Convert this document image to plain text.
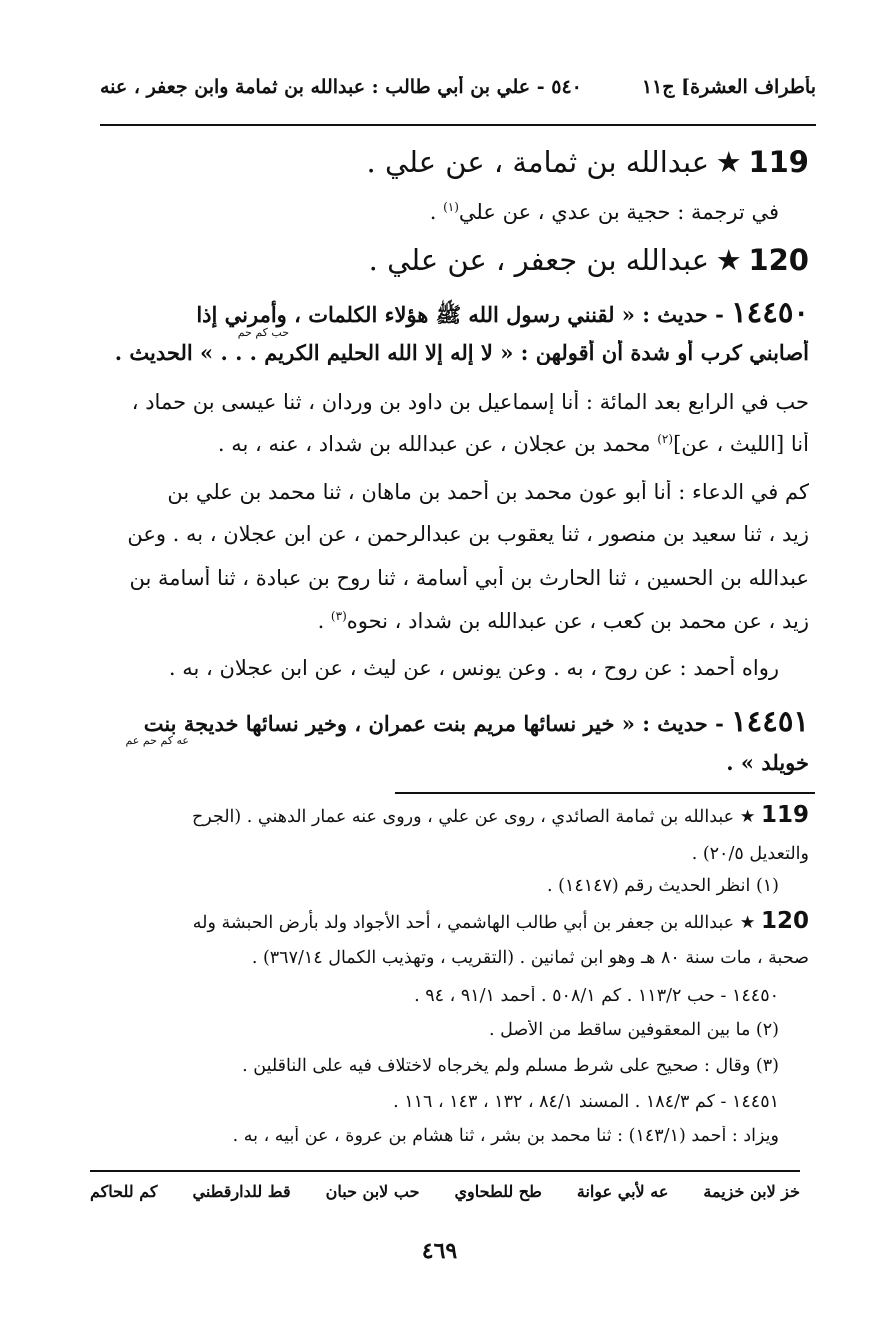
بأطراف العشرة] ج١١
٥٤٠ - علي بن أبي طالب : عبدالله بن ثمامة وابن جعفر ، عنه
119 ★ عبدالله بن ثمامة ، عن علي .
في ترجمة : حجية بن عدي ، عن علي$^{(١)}$ .
120 ★ عبدالله بن جعفر ، عن علي .
١٤٤٥٠ - حديث : « لقنني رسول الله ﷺ هؤلاء الكلمات ، وأمرني إذا
حب كم حم
أصابني كرب أو شدة أن أقولهن : « لا إله إلا الله الحليم الكريم . . . » الحديث .
حب في الرابع بعد المائة : أنا إسماعيل بن داود بن وردان ، ثنا عيسى بن حماد ،
أنا [الليث ، عن]$^{(٢)}$ محمد بن عجلان ، عن عبدالله بن شداد ، عنه ، به .
كم في الدعاء : أنا أبو عون محمد بن أحمد بن ماهان ، ثنا محمد بن علي بن
زيد ، ثنا سعيد بن منصور ، ثنا يعقوب بن عبدالرحمن ، عن ابن عجلان ، به . وعن
عبدالله بن الحسين ، ثنا الحارث بن أبي أسامة ، ثنا روح بن عبادة ، ثنا أسامة بن
زيد ، عن محمد بن كعب ، عن عبدالله بن شداد ، نحوه$^{(٣)}$ .
رواه أحمد : عن روح ، به . وعن يونس ، عن ليث ، عن ابن عجلان ، به .
١٤٤٥١ - حديث : « خير نسائها مريم بنت عمران ، وخير نسائها خديجة بنت
عه كم حم عم
خويلد » .
119 ★ عبدالله بن ثمامة الصائدي ، روى عن علي ، وروى عنه عمار الدهني . (الجرح
والتعديل ٢٠/٥) .
(١) انظر الحديث رقم (١٤١٤٧) .
120 ★ عبدالله بن جعفر بن أبي طالب الهاشمي ، أحد الأجواد ولد بأرض الحبشة وله
صحبة ، مات سنة ٨٠ هـ وهو ابن ثمانين . (التقريب ، وتهذيب الكمال ٣٦٧/١٤) .
١٤٤٥٠ - حب ١١٣/٢ . كم ٥٠٨/١ . أحمد ٩١/١ ، ٩٤ .
(٢) ما بين المعقوفين ساقط من الأصل .
(٣) وقال : صحيح على شرط مسلم ولم يخرجاه لاختلاف فيه على الناقلين .
١٤٤٥١ - كم ١٨٤/٣ . المسند ٨٤/١ ، ١٣٢ ، ١٤٣ ، ١١٦ .
ويزاد : أحمد (١٤٣/١) : ثنا محمد بن بشر ، ثنا هشام بن عروة ، عن أبيه ، به .
خز لابن خزيمة
عه لأبي عوانة
طح للطحاوي
حب لابن حبان
قط للدارقطني
كم للحاكم
٤٦٩
